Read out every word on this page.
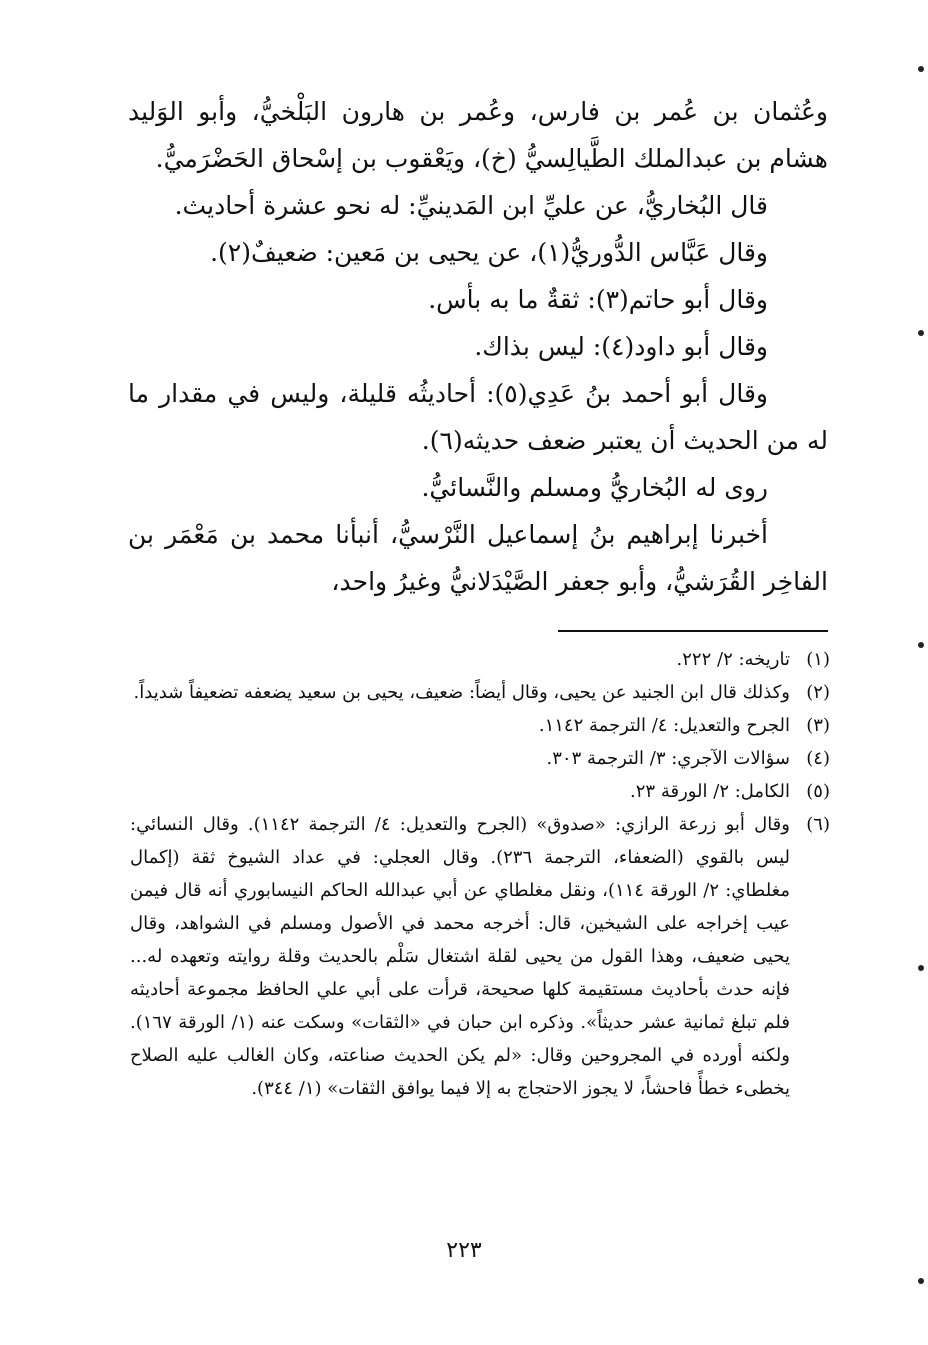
وعُثمان بن عُمر بن فارس، وعُمر بن هارون البَلْخيُّ، وأبو الوَليد هشام بن عبدالملك الطَّيالِسيُّ (خ)، ويَعْقوب بن إسْحاق الحَضْرَميُّ.

قال البُخاريُّ، عن عليِّ ابن المَدينيِّ: له نحو عشرة أحاديث.

وقال عَبَّاس الدُّوريُّ(١)، عن يحيى بن مَعين: ضعيفٌ(٢).

وقال أبو حاتم(٣): ثقةٌ ما به بأس.

وقال أبو داود(٤): ليس بذاك.

وقال أبو أحمد بنُ عَدِي(٥): أحاديثُه قليلة، وليس في مقدار ما له من الحديث أن يعتبر ضعف حديثه(٦).

روى له البُخاريُّ ومسلم والنَّسائيُّ.

أخبرنا إبراهيم بنُ إسماعيل النَّرْسيُّ، أنبأنا محمد بن مَعْمَر بن الفاخِر القُرَشيُّ، وأبو جعفر الصَّيْدَلانيُّ وغيرُ واحد،

(١)
تاريخه: ٢/ ٢٢٢.
(٢)
وكذلك قال ابن الجنيد عن يحيى، وقال أيضاً: ضعيف، يحيى بن سعيد يضعفه تضعيفاً شديداً.
(٣)
الجرح والتعديل: ٤/ الترجمة ١١٤٢.
(٤)
سؤالات الآجري: ٣/ الترجمة ٣٠٣.
(٥)
الكامل: ٢/ الورقة ٢٣.
(٦)
وقال أبو زرعة الرازي: «صدوق» (الجرح والتعديل: ٤/ الترجمة ١١٤٢). وقال النسائي: ليس بالقوي (الضعفاء، الترجمة ٢٣٦). وقال العجلي: في عداد الشيوخ ثقة (إكمال مغلطاي: ٢/ الورقة ١١٤)، ونقل مغلطاي عن أبي عبدالله الحاكم النيسابوري أنه قال فيمن عيب إخراجه على الشيخين، قال: أخرجه محمد في الأصول ومسلم في الشواهد، وقال يحيى ضعيف، وهذا القول من يحيى لقلة اشتغال سَلْم بالحديث وقلة روايته وتعهده له... فإنه حدث بأحاديث مستقيمة كلها صحيحة، قرأت على أبي علي الحافظ مجموعة أحاديثه فلم تبلغ ثمانية عشر حديثاً». وذكره ابن حبان في «الثقات» وسكت عنه (١/ الورقة ١٦٧). ولكنه أورده في المجروحين وقال: «لم يكن الحديث صناعته، وكان الغالب عليه الصلاح يخطىء خطأً فاحشاً، لا يجوز الاحتجاج به إلا فيما يوافق الثقات» (١/ ٣٤٤).
٢٢٣
